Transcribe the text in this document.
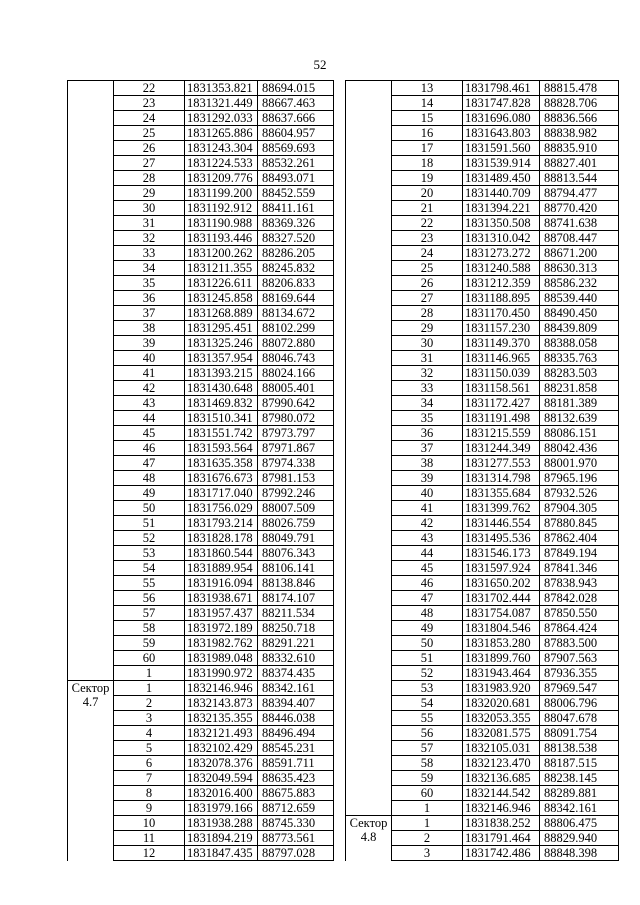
52
	22	1831353.821	88694.015
	23	1831321.449	88667.463
	24	1831292.033	88637.666
	25	1831265.886	88604.957
	26	1831243.304	88569.693
	27	1831224.533	88532.261
	28	1831209.776	88493.071
	29	1831199.200	88452.559
	30	1831192.912	88411.161
	31	1831190.988	88369.326
	32	1831193.446	88327.520
	33	1831200.262	88286.205
	34	1831211.355	88245.832
	35	1831226.611	88206.833
	36	1831245.858	88169.644
	37	1831268.889	88134.672
	38	1831295.451	88102.299
	39	1831325.246	88072.880
	40	1831357.954	88046.743
	41	1831393.215	88024.166
	42	1831430.648	88005.401
	43	1831469.832	87990.642
	44	1831510.341	87980.072
	45	1831551.742	87973.797
	46	1831593.564	87971.867
	47	1831635.358	87974.338
	48	1831676.673	87981.153
	49	1831717.040	87992.246
	50	1831756.029	88007.509
	51	1831793.214	88026.759
	52	1831828.178	88049.791
	53	1831860.544	88076.343
	54	1831889.954	88106.141
	55	1831916.094	88138.846
	56	1831938.671	88174.107
	57	1831957.437	88211.534
	58	1831972.189	88250.718
	59	1831982.762	88291.221
	60	1831989.048	88332.610
	1	1831990.972	88374.435

Сектор
4.7	1	1832146.946	88342.161
	2	1832143.873	88394.407
	3	1832135.355	88446.038
	4	1832121.493	88496.494
	5	1832102.429	88545.231
	6	1832078.376	88591.711
	7	1832049.594	88635.423
	8	1832016.400	88675.883
	9	1831979.166	88712.659
	10	1831938.288	88745.330
	11	1831894.219	88773.561
	12	1831847.435	88797.028
	13	1831798.461	88815.478
	14	1831747.828	88828.706
	15	1831696.080	88836.566
	16	1831643.803	88838.982
	17	1831591.560	88835.910
	18	1831539.914	88827.401
	19	1831489.450	88813.544
	20	1831440.709	88794.477
	21	1831394.221	88770.420
	22	1831350.508	88741.638
	23	1831310.042	88708.447
	24	1831273.272	88671.200
	25	1831240.588	88630.313
	26	1831212.359	88586.232
	27	1831188.895	88539.440
	28	1831170.450	88490.450
	29	1831157.230	88439.809
	30	1831149.370	88388.058
	31	1831146.965	88335.763
	32	1831150.039	88283.503
	33	1831158.561	88231.858
	34	1831172.427	88181.389
	35	1831191.498	88132.639
	36	1831215.559	88086.151
	37	1831244.349	88042.436
	38	1831277.553	88001.970
	39	1831314.798	87965.196
	40	1831355.684	87932.526
	41	1831399.762	87904.305
	42	1831446.554	87880.845
	43	1831495.536	87862.404
	44	1831546.173	87849.194
	45	1831597.924	87841.346
	46	1831650.202	87838.943
	47	1831702.444	87842.028
	48	1831754.087	87850.550
	49	1831804.546	87864.424
	50	1831853.280	87883.500
	51	1831899.760	87907.563
	52	1831943.464	87936.355
	53	1831983.920	87969.547
	54	1832020.681	88006.796
	55	1832053.355	88047.678
	56	1832081.575	88091.754
	57	1832105.031	88138.538
	58	1832123.470	88187.515
	59	1832136.685	88238.145
	60	1832144.542	88289.881
	1	1832146.946	88342.161

Сектор
4.8	1	1831838.252	88806.475
	2	1831791.464	88829.940
	3	1831742.486	88848.398
